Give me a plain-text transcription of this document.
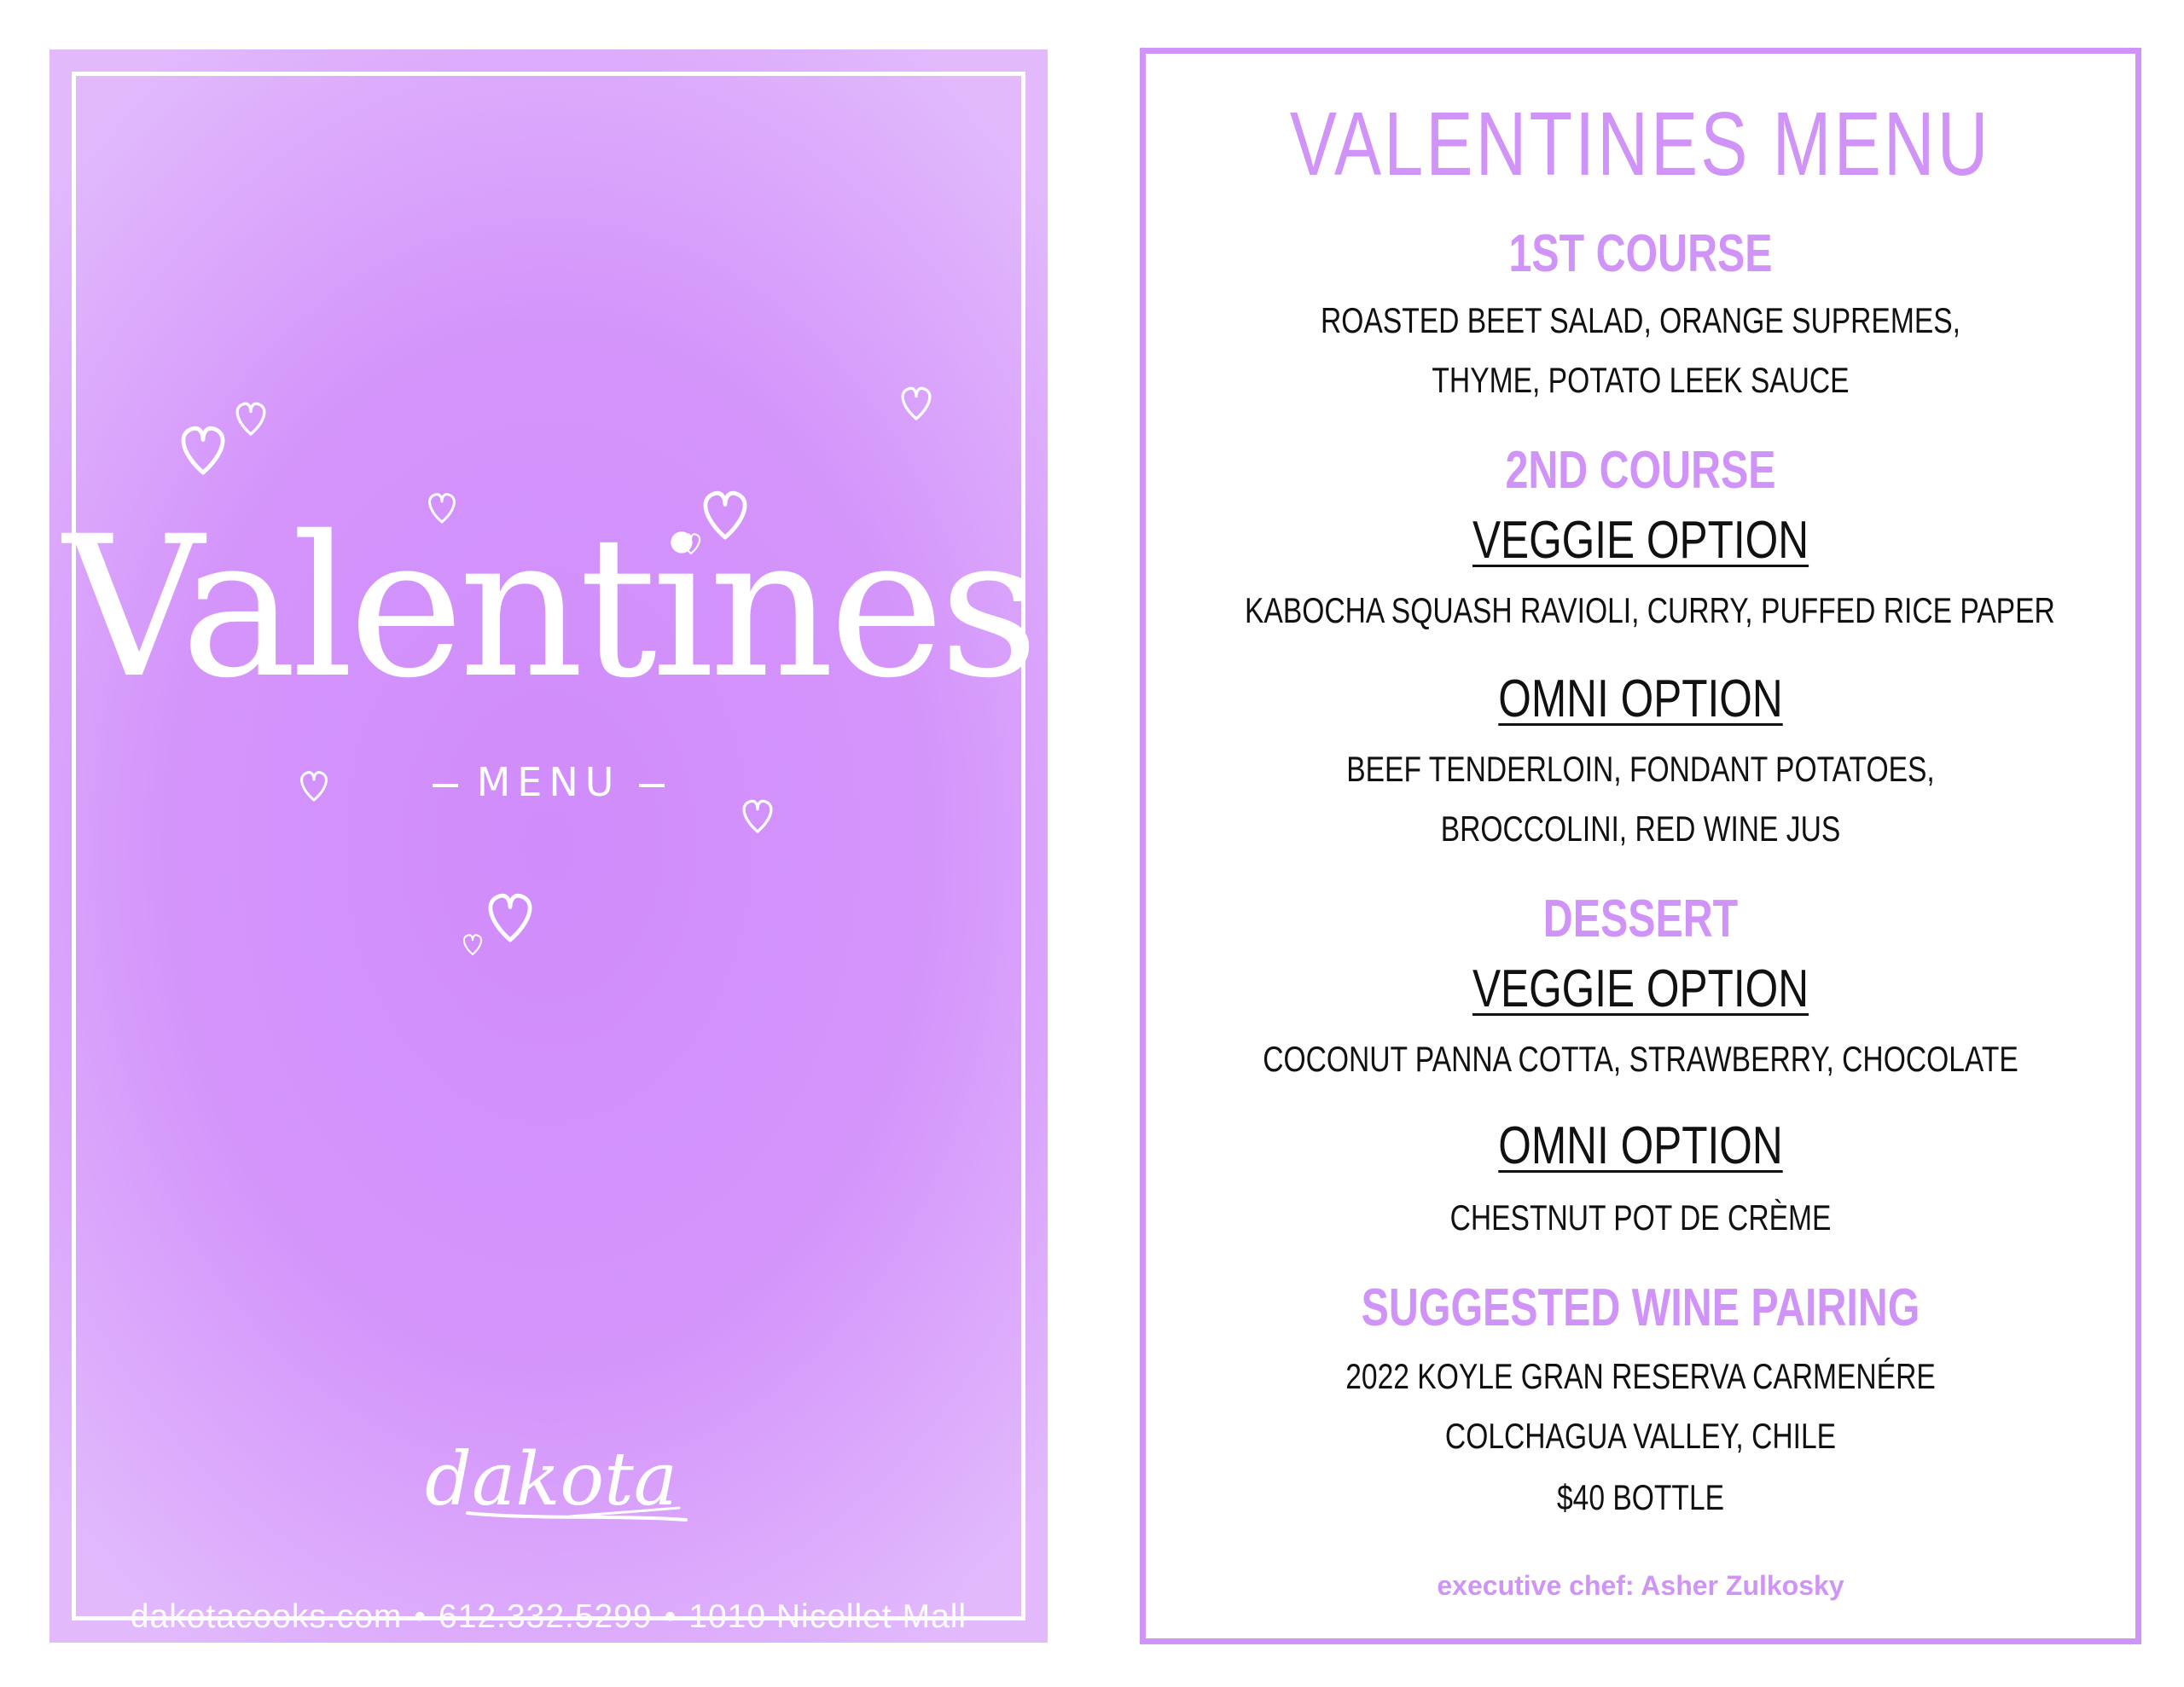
Valentines
MENU
dakota
dakotacooks.com • 612.332.5299 • 1010 Nicollet Mall
VALENTINES MENU
1ST COURSE
ROASTED BEET SALAD, ORANGE SUPREMES,
THYME, POTATO LEEK SAUCE
2ND COURSE
VEGGIE OPTION
KABOCHA SQUASH RAVIOLI, CURRY, PUFFED RICE PAPER
OMNI OPTION
BEEF TENDERLOIN, FONDANT POTATOES,
BROCCOLINI, RED WINE JUS
DESSERT
VEGGIE OPTION
COCONUT PANNA COTTA, STRAWBERRY, CHOCOLATE
OMNI OPTION
CHESTNUT POT DE CRÈME
SUGGESTED WINE PAIRING
2022 KOYLE GRAN RESERVA CARMENÉRE
COLCHAGUA VALLEY, CHILE
$40 BOTTLE
executive chef: Asher Zulkosky
